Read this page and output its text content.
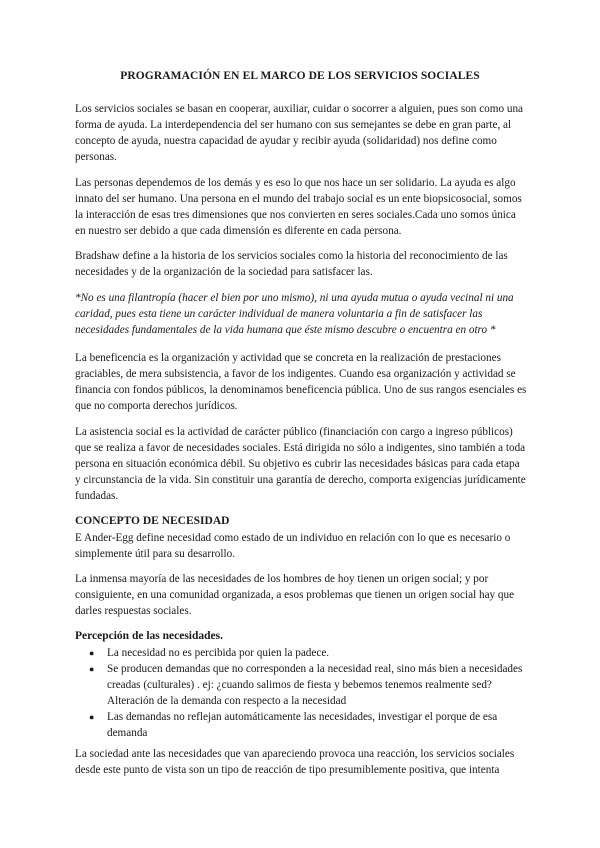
PROGRAMACIÓN EN EL MARCO DE LOS SERVICIOS SOCIALES

Los servicios sociales se basan en cooperar, auxiliar, cuidar o socorrer a alguien, pues son como una forma de ayuda. La interdependencia del ser humano con sus semejantes se debe en gran parte, al concepto de ayuda, nuestra capacidad de ayudar y recibir ayuda (solidaridad) nos define como personas.

Las personas dependemos de los demás y es eso lo que nos hace un ser solidario. La ayuda es algo innato del ser humano. Una persona en el mundo del trabajo social es un ente biopsicosocial, somos la interacción de esas tres dimensiones que nos convierten en seres sociales.Cada uno somos única en nuestro ser debido a que cada dimensión es diferente en cada persona.

Bradshaw define a la historia de los servicios sociales como la historia del reconocimiento de las necesidades y de la organización de la sociedad para satisfacer las.

*No es una filantropía (hacer el bien por uno mismo), ni una ayuda mutua o ayuda vecinal ni una caridad, pues esta tiene un carácter individual de manera voluntaria a fin de satisfacer las necesidades fundamentales de la vida humana que éste mismo descubre o encuentra en otro *

La beneficencia es la organización y actividad que se concreta en la realización de prestaciones graciables, de mera subsistencia, a favor de los indigentes. Cuando esa organización y actividad se financia con fondos públicos, la denominamos beneficencia pública. Uno de sus rangos esenciales es que no comporta derechos jurídicos.

La asistencia social es la actividad de carácter público (financiación con cargo a ingreso públicos) que se realiza a favor de necesidades sociales. Está dirigida no sólo a indigentes, sino también a toda persona en situación económica débil. Su objetivo es cubrir las necesidades básicas para cada etapa y circunstancia de la vida. Sin constituir una garantía de derecho, comporta exigencias jurídicamente fundadas.

CONCEPTO DE NECESIDAD

E Ander-Egg define necesidad como estado de un individuo en relación con lo que es necesario o simplemente útil para su desarrollo.

La inmensa mayoría de las necesidades de los hombres de hoy tienen un origen social; y por consiguiente, en una comunidad organizada, a esos problemas que tienen un origen social hay que darles respuestas sociales.

Percepción de las necesidades.
● La necesidad no es percibida por quien la padece.
● Se producen demandas que no corresponden a la necesidad real, sino más bien a necesidades creadas (culturales) . ej: ¿cuando salimos de fiesta y bebemos tenemos realmente sed? Alteración de la demanda con respecto a la necesidad
● Las demandas no reflejan automáticamente las necesidades, investigar el porque de esa demanda

La sociedad ante las necesidades que van apareciendo provoca una reacción, los servicios sociales desde este punto de vista son un tipo de reacción de tipo presumiblemente positiva, que intenta
